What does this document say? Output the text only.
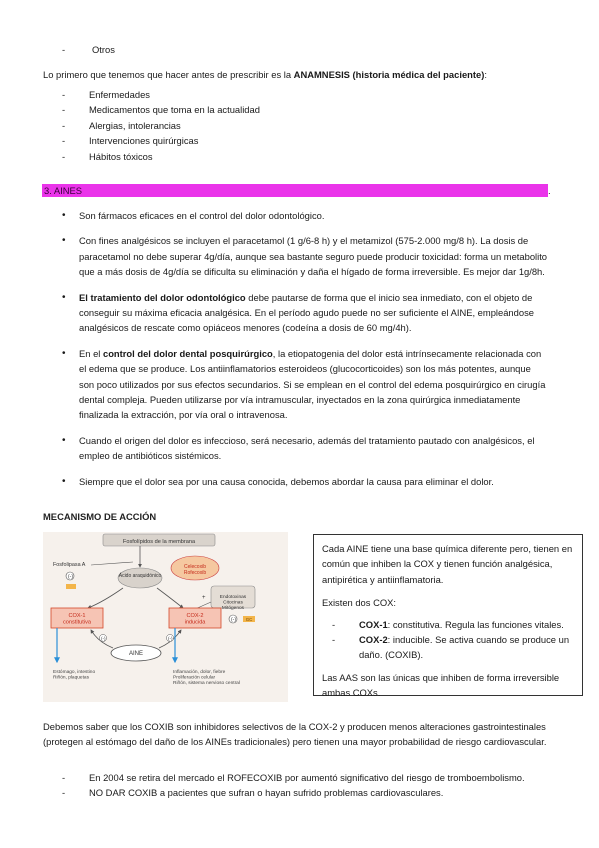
- Otros
Lo primero que tenemos que hacer antes de prescribir es la ANAMNESIS (historia médica del paciente):
- Enfermedades
- Medicamentos que toma en la actualidad
- Alergias, intolerancias
- Intervenciones quirúrgicas
- Hábitos tóxicos
3. AINES	.
• Son fármacos eficaces en el control del dolor odontológico.
• Con fines analgésicos se incluyen el paracetamol (1 g/6-8 h) y el metamizol (575-2.000 mg/8 h). La dosis de paracetamol no debe superar 4g/día, aunque sea bastante seguro puede producir toxicidad: forma un metabolito que a más dosis de 4g/día se dificulta su eliminación y daña el hígado de forma irreversible. Es mejor dar 1g/8h.
• El tratamiento del dolor odontológico debe pautarse de forma que el inicio sea inmediato, con el objeto de conseguir su máxima eficacia analgésica. En el período agudo puede no ser suficiente el AINE, empleándose analgésicos de rescate como opiáceos menores (codeína a dosis de 60 mg/4h).
• En el control del dolor dental posquirúrgico, la etiopatogenia del dolor está intrínsecamente relacionada con el edema que se produce. Los antiinflamatorios esteroideos (glucocorticoides) son los más potentes, aunque son poco utilizados por sus efectos secundarios. Si se emplean en el control del edema posquirúrgico en cirugía dental compleja. Pueden utilizarse por vía intramuscular, inyectados en la zona quirúrgica inmediatamente finalizada la extracción, por vía oral o intravenosa.
• Cuando el origen del dolor es infeccioso, será necesario, además del tratamiento pautado con analgésicos, el empleo de antibióticos sistémicos.
• Siempre que el dolor sea por una causa conocida, debemos abordar la causa para eliminar el dolor.
MECANISMO DE ACCIÓN
Fosfolípidos de la membrana
Fosfolipasa A
(-)	Ácido araquidónico
Celecoxib Rofecoxib
Endotoxinas Citocinas Mitógenos
+
COX-1 constitutiva
COX-2 inducida	(-) GC
AINE
(-)	(-)
Estómago, intestino Riñón, plaquetas
Inflamación, dolor, fiebre Proliferación celular Riñón, sistema nervioso central
Cada AINE tiene una base química diferente pero, tienen en común que inhiben la COX y tienen función analgésica, antipirética y antiinflamatoria.
Existen dos COX:
- COX-1: constitutiva. Regula las funciones vitales.
- COX-2: inducible. Se activa cuando se produce un daño. (COXIB).
Las AAS son las únicas que inhiben de forma irreversible ambas COXs.
Debemos saber que los COXIB son inhibidores selectivos de la COX-2 y producen menos alteraciones gastrointestinales (protegen al estómago del daño de los AINEs tradicionales) pero tienen una mayor probabilidad de riesgo cardiovascular.
- En 2004 se retira del mercado el ROFECOXIB por aumentó significativo del riesgo de tromboembolismo.
- NO DAR COXIB a pacientes que sufran o hayan sufrido problemas cardiovasculares.
